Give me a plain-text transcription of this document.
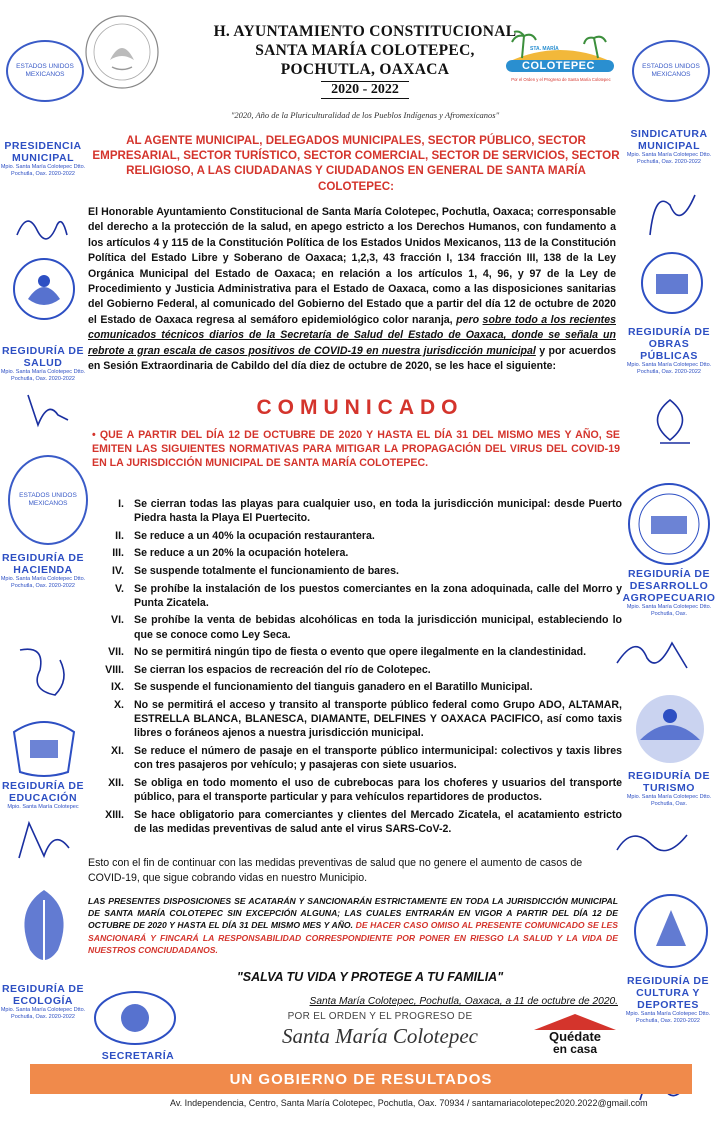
H. AYUNTAMIENTO CONSTITUCIONAL
SANTA MARÍA COLOTEPEC,
POCHUTLA, OAXACA
2020 - 2022
"2020, Año de la Pluriculturalidad de los Pueblos Indígenas y Afromexicanos"
STA. MARÍA
COLOTEPEC
Por el Orden y el Progreso de Santa María Colotepec
ESTADOS UNIDOS MEXICANOS
PRESIDENCIA MUNICIPAL
Mpio. Santa María Colotepec Dtto. Pochutla, Oax. 2020-2022
REGIDURÍA DE SALUD
Mpio. Santa María Colotepec Dtto. Pochutla, Oax. 2020-2022
ESTADOS UNIDOS MEXICANOS
REGIDURÍA DE HACIENDA
Mpio. Santa María Colotepec Dtto. Pochutla, Oax. 2020-2022
REGIDURÍA DE EDUCACIÓN
Mpio. Santa María Colotepec
REGIDURÍA DE ECOLOGÍA
Mpio. Santa María Colotepec Dtto. Pochutla, Oax. 2020-2022
SECRETARÍA
ESTADOS UNIDOS MEXICANOS
SINDICATURA MUNICIPAL
Mpio. Santa María Colotepec Dtto. Pochutla, Oax. 2020-2022
REGIDURÍA DE OBRAS PÚBLICAS
Mpio. Santa María Colotepec Dtto. Pochutla, Oax. 2020-2022
REGIDURÍA DE DESARROLLO AGROPECUARIO
Mpio. Santa María Colotepec Dtto. Pochutla, Oax.
REGIDURÍA DE TURISMO
Mpio. Santa María Colotepec Dtto. Pochutla, Oax.
REGIDURÍA DE CULTURA Y DEPORTES
Mpio. Santa María Colotepec Dtto. Pochutla, Oax. 2020-2022
AL AGENTE MUNICIPAL, DELEGADOS MUNICIPALES, SECTOR PÚBLICO, SECTOR EMPRESARIAL, SECTOR TURÍSTICO, SECTOR COMERCIAL, SECTOR DE SERVICIOS, SECTOR RELIGIOSO, A LAS CIUDADANAS Y CIUDADANOS EN GENERAL DE SANTA MARÍA COLOTEPEC:
El Honorable Ayuntamiento Constitucional de Santa María Colotepec, Pochutla, Oaxaca; corresponsable del derecho a la protección de la salud, en apego estricto a los Derechos Humanos, con fundamento a los artículos 4 y 115 de la Constitución Política de los Estados Unidos Mexicanos, 113 de la Constitución Política del Estado Libre y Soberano de Oaxaca; 1,2,3, 43 fracción I, 134 fracción III, 138 de la Ley Orgánica Municipal del Estado de Oaxaca; en relación a los artículos 1, 4, 96, y 97 de la Ley de Procedimiento y Justicia Administrativa para el Estado de Oaxaca, como a las disposiciones sanitarias del Gobierno Federal, al comunicado del Gobierno del Estado que a partir del día 12 de octubre de 2020 el Estado de Oaxaca regresa al semáforo epidemiológico color naranja, pero sobre todo a los recientes comunicados técnicos diarios de la Secretaría de Salud del Estado de Oaxaca, donde se señala un rebrote a gran escala de casos positivos de COVID-19 en nuestra jurisdicción municipal y por acuerdos en Sesión Extraordinaria de Cabildo del día diez de octubre de 2020, se les hace el siguiente:
COMUNICADO
• QUE A PARTIR DEL DÍA 12 DE OCTUBRE DE 2020 Y HASTA EL DÍA 31 DEL MISMO MES Y AÑO, SE EMITEN LAS SIGUIENTES NORMATIVAS PARA MITIGAR LA PROPAGACIÓN DEL VIRUS DEL COVID-19 EN LA JURISDICCIÓN MUNICIPAL DE SANTA MARÍA COLOTEPEC.
I. Se cierran todas las playas para cualquier uso, en toda la jurisdicción municipal: desde Puerto Piedra hasta la Playa El Puertecito.
II. Se reduce a un 40% la ocupación restaurantera.
III. Se reduce a un 20% la ocupación hotelera.
IV. Se suspende totalmente el funcionamiento de bares.
V. Se prohíbe la instalación de los puestos comerciantes en la zona adoquinada, calle del Morro y Punta Zicatela.
VI. Se prohíbe la venta de bebidas alcohólicas en toda la jurisdicción municipal, estableciendo lo que se conoce como Ley Seca.
VII. No se permitirá ningún tipo de fiesta o evento que opere ilegalmente en la clandestinidad.
VIII. Se cierran los espacios de recreación del río de Colotepec.
IX. Se suspende el funcionamiento del tianguis ganadero en el Baratillo Municipal.
X. No se permitirá el acceso y transito al transporte público federal como Grupo ADO, ALTAMAR, ESTRELLA BLANCA, BLANESCA, DIAMANTE, DELFINES Y OAXACA PACIFICO, así como taxis libres o foráneos ajenos a nuestra jurisdicción municipal.
XI. Se reduce el número de pasaje en el transporte público intermunicipal: colectivos y taxis libres con tres pasajeros por vehículo; y pasajeras con siete usuarios.
XII. Se obliga en todo momento el uso de cubrebocas para los choferes y usuarios del transporte público, para el transporte particular y para vehículos repartidores de productos.
XIII. Se hace obligatorio para comerciantes y clientes del Mercado Zicatela, el acatamiento estricto de las medidas preventivas de salud ante el virus SARS-CoV-2.
Esto con el fin de continuar con las medidas preventivas de salud que no genere el aumento de casos de COVID-19, que sigue cobrando vidas en nuestro Municipio.
LAS PRESENTES DISPOSICIONES SE ACATARÁN Y SANCIONARÁN ESTRICTAMENTE EN TODA LA JURISDICCIÓN MUNICIPAL DE SANTA MARÍA COLOTEPEC SIN EXCEPCIÓN ALGUNA; LAS CUALES ENTRARÁN EN VIGOR A PARTIR DEL DÍA 12 DE OCTUBRE DE 2020 Y HASTA EL DÍA 31 DEL MISMO MES Y AÑO. DE HACER CASO OMISO AL PRESENTE COMUNICADO SE LES SANCIONARÁ Y FINCARÁ LA RESPONSABILIDAD CORRESPONDIENTE POR PONER EN RIESGO LA SALUD Y LA VIDA DE NUESTROS CONCIUDADANOS.
"SALVA TU VIDA Y PROTEGE A TU FAMILIA"
Santa María Colotepec, Pochutla, Oaxaca, a 11 de octubre de 2020.
POR EL ORDEN Y EL PROGRESO DE
Santa María Colotepec	Quédate
en casa
UN GOBIERNO DE RESULTADOS
Av. Independencia, Centro, Santa María Colotepec, Pochutla, Oax. 70934 / santamariacolotepec2020.2022@gmail.com
